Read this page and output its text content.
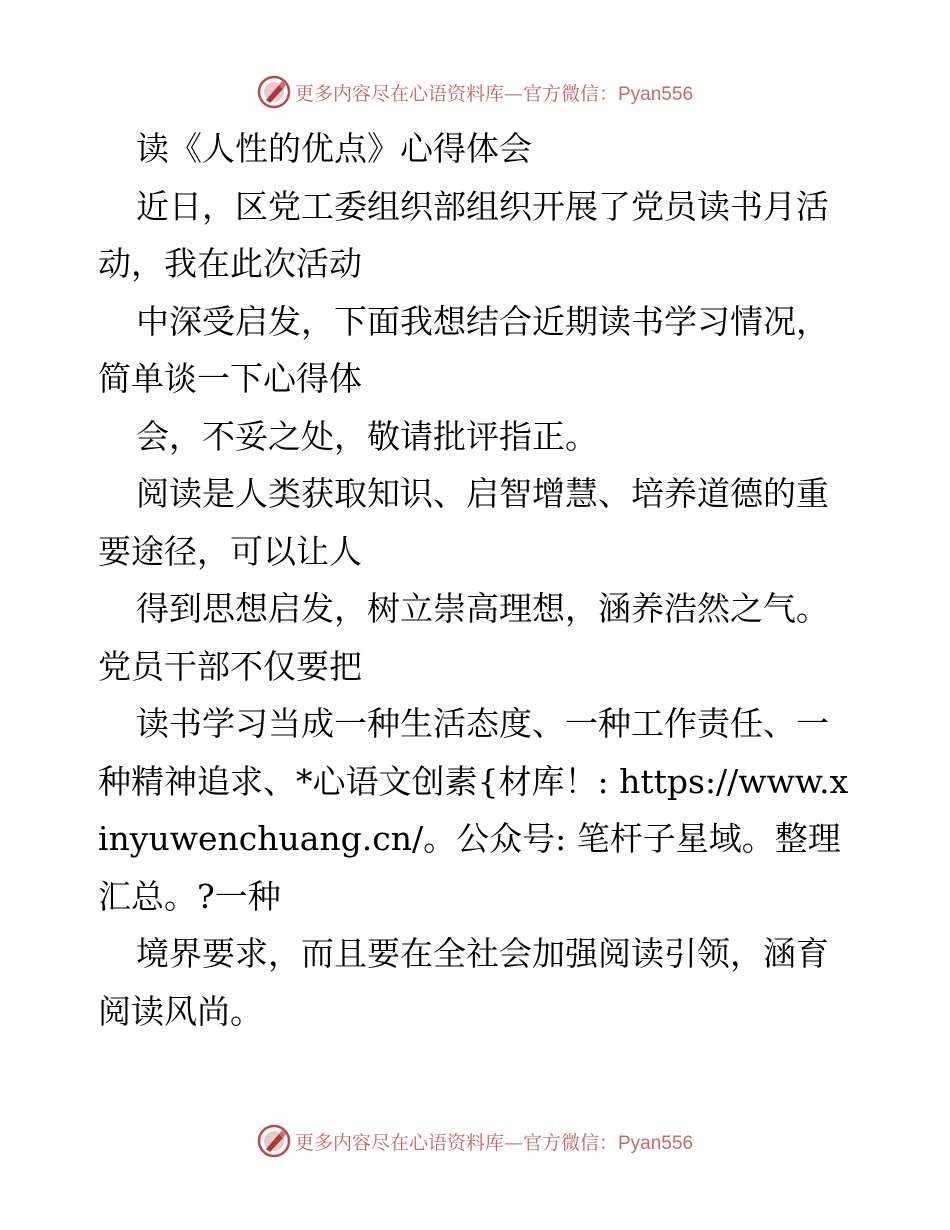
更多内容尽在心语资料库—官方微信：Pyan556

读《人性的优点》心得体会

近日，区党工委组织部组织开展了党员读书月活动，我在此次活动

中深受启发，下面我想结合近期读书学习情况，简单谈一下心得体

会，不妥之处，敬请批评指正。

阅读是人类获取知识、启智增慧、培养道德的重要途径，可以让人

得到思想启发，树立崇高理想，涵养浩然之气。党员干部不仅要把

读书学习当成一种生活态度、一种工作责任、一种精神追求、*心语文创素{材库！: https://www.xinyuwenchuang.cn/。公众号: 笔杆子星域。整理汇总。?一种

境界要求，而且要在全社会加强阅读引领，涵育阅读风尚。

更多内容尽在心语资料库—官方微信：Pyan556
